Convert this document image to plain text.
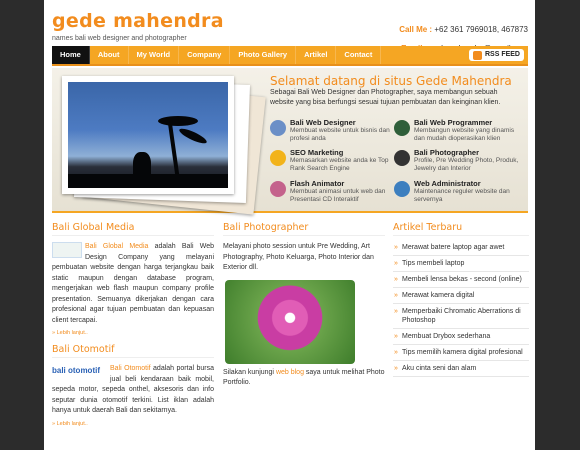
gede mahendra
names bali web designer and photographer
Call Me : +62 361 7969018, 467873
Home	About	My World	Company	Photo Gallery	Artikel	Contact	RSS FEED
Selamat datang di situs Gede Mahendra
Sebagai Bali Web Designer dan Photographer, saya membangun sebuah website yang bisa berfungsi sesuai tujuan pembuatan dan keinginan klien.
Bali Web Designer
Membuat website untuk bisnis dan profesi anda
Bali Web Programmer
Membangun website yang dinamis dan mudah dioperasikan klien
SEO Marketing
Memasarkan website anda ke Top Rank Search Engine
Bali Photographer
Profile, Pre Wedding Photo, Produk, Jewelry dan Interior
Flash Animator
Membuat animasi untuk web dan Presentasi CD Interaktif
Web Administrator
Maintenance reguler website dan servernya
Bali Global Media
Bali Global Media adalah Bali Web Design Company yang melayani pembuatan website dengan harga terjangkau baik static maupun dengan database program, mengerjakan web flash maupun company profile presentation. Semuanya dikerjakan dengan cara profesional agar tujuan pembuatan dan kepuasan client tercapai.
» Lebih lanjut..
Bali Otomotif
bali otomotif	Bali Otomotif adalah portal bursa jual beli kendaraan baik mobil, sepeda motor, sepeda onthel, aksesoris dan info seputar dunia otomotif terkini. List iklan adalah hanya untuk daerah Bali dan sekitarnya.
» Lebih lanjut..
Bali Photographer
Melayani photo session untuk Pre Wedding, Art Photography, Photo Keluarga, Photo Interior dan Exterior dll.
Silakan kunjungi web blog saya untuk melihat Photo Portfolio.
Artikel Terbaru
» Merawat batere laptop agar awet
» Tips membeli laptop
» Membeli lensa bekas - second (online)
» Merawat kamera digital
» Memperbaiki Chromatic Aberrations di Photoshop
» Membuat Drybox sederhana
» Tips memilih kamera digital profesional
» Aku cinta seni dan alam
